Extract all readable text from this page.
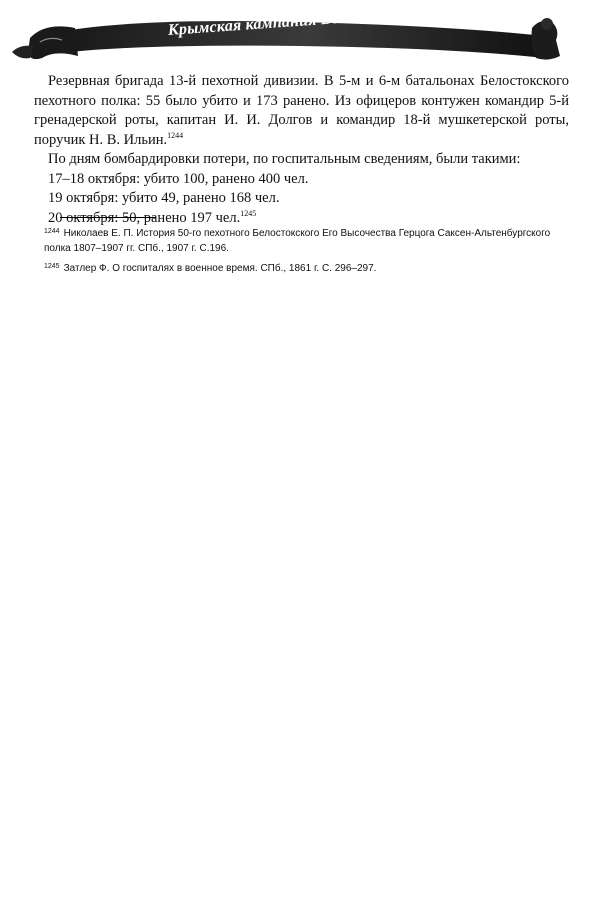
Крымская кампания Восточной войны

Резервная бригада 13-й пехотной дивизии. В 5-м и 6-м батальонах Белостокского пехотного полка: 55 было убито и 173 ранено. Из офицеров контужен командир 5-й гренадерской роты, капитан И. И. Долгов и командир 18-й мушкетерской роты, поручик Н. В. Ильин.$^{1244}$

По дням бомбардировки потери, по госпитальным сведениям, были такими:

17–18 октября: убито 100, ранено 400 чел.

19 октября: убито 49, ранено 168 чел.

20 октября: 50, ранено 197 чел.$^{1245}$

$^{1244}$ Николаев Е. П. История 50-го пехотного Белостокского Его Высочества Герцога Саксен-Альтенбургского полка 1807–1907 гг. СПб., 1907 г. С.196.

$^{1245}$ Затлер Ф. О госпиталях в военное время. СПб., 1861 г. С. 296–297.
